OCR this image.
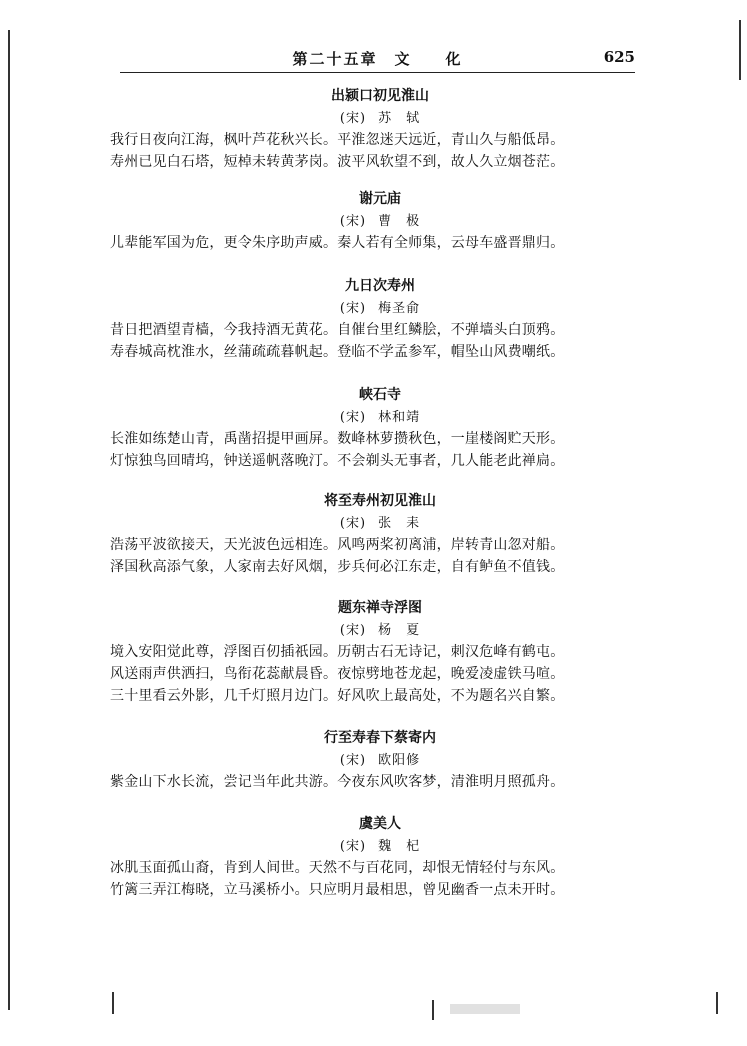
第二十五章　文　　化	625
出颍口初见淮山
(宋) 苏　轼
我行日夜向江海，枫叶芦花秋兴长。平淮忽迷天远近，青山久与船低昂。
寿州已见白石塔，短棹未转黄茅岗。波平风软望不到，故人久立烟苍茫。
谢元庙
(宋) 曹　极
儿辈能军国为危，更令朱序助声威。秦人若有全师集，云母车盛晋鼎归。
九日次寿州
(宋) 梅圣俞
昔日把酒望青樯，今我持酒无黄花。自催台里红鳞脍，不弹墙头白顶鸦。
寿春城高枕淮水，丝蒲疏疏暮帆起。登临不学孟参军，帽坠山风费嘲纸。
峡石寺
(宋) 林和靖
长淮如练楚山青，禹凿招提甲画屏。数峰林萝攒秋色，一崖楼阁贮天形。
灯惊独鸟回晴坞，钟送遥帆落晚汀。不会剃头无事者，几人能老此禅扃。
将至寿州初见淮山
(宋) 张　耒
浩荡平波欲接天，天光波色远相连。风鸣两桨初离浦，岸转青山忽对船。
泽国秋高添气象，人家南去好风烟，步兵何必江东走，自有鲈鱼不值钱。
题东禅寺浮图
(宋) 杨　夏
境入安阳觉此尊，浮图百仞插祇园。历朝古石无诗记，刺汉危峰有鹤屯。
风送雨声供洒扫，鸟衔花蕊献晨昏。夜惊劈地苍龙起，晚爱凌虚铁马喧。
三十里看云外影，几千灯照月边门。好风吹上最高处，不为题名兴自繁。
行至寿春下蔡寄内
(宋) 欧阳修
紫金山下水长流，尝记当年此共游。今夜东风吹客梦，清淮明月照孤舟。
虞美人
(宋) 魏　杞
冰肌玉面孤山裔，肯到人间世。天然不与百花同，却恨无情轻付与东风。
竹篱三弄江梅晓，立马溪桥小。只应明月最相思，曾见幽香一点未开时。
